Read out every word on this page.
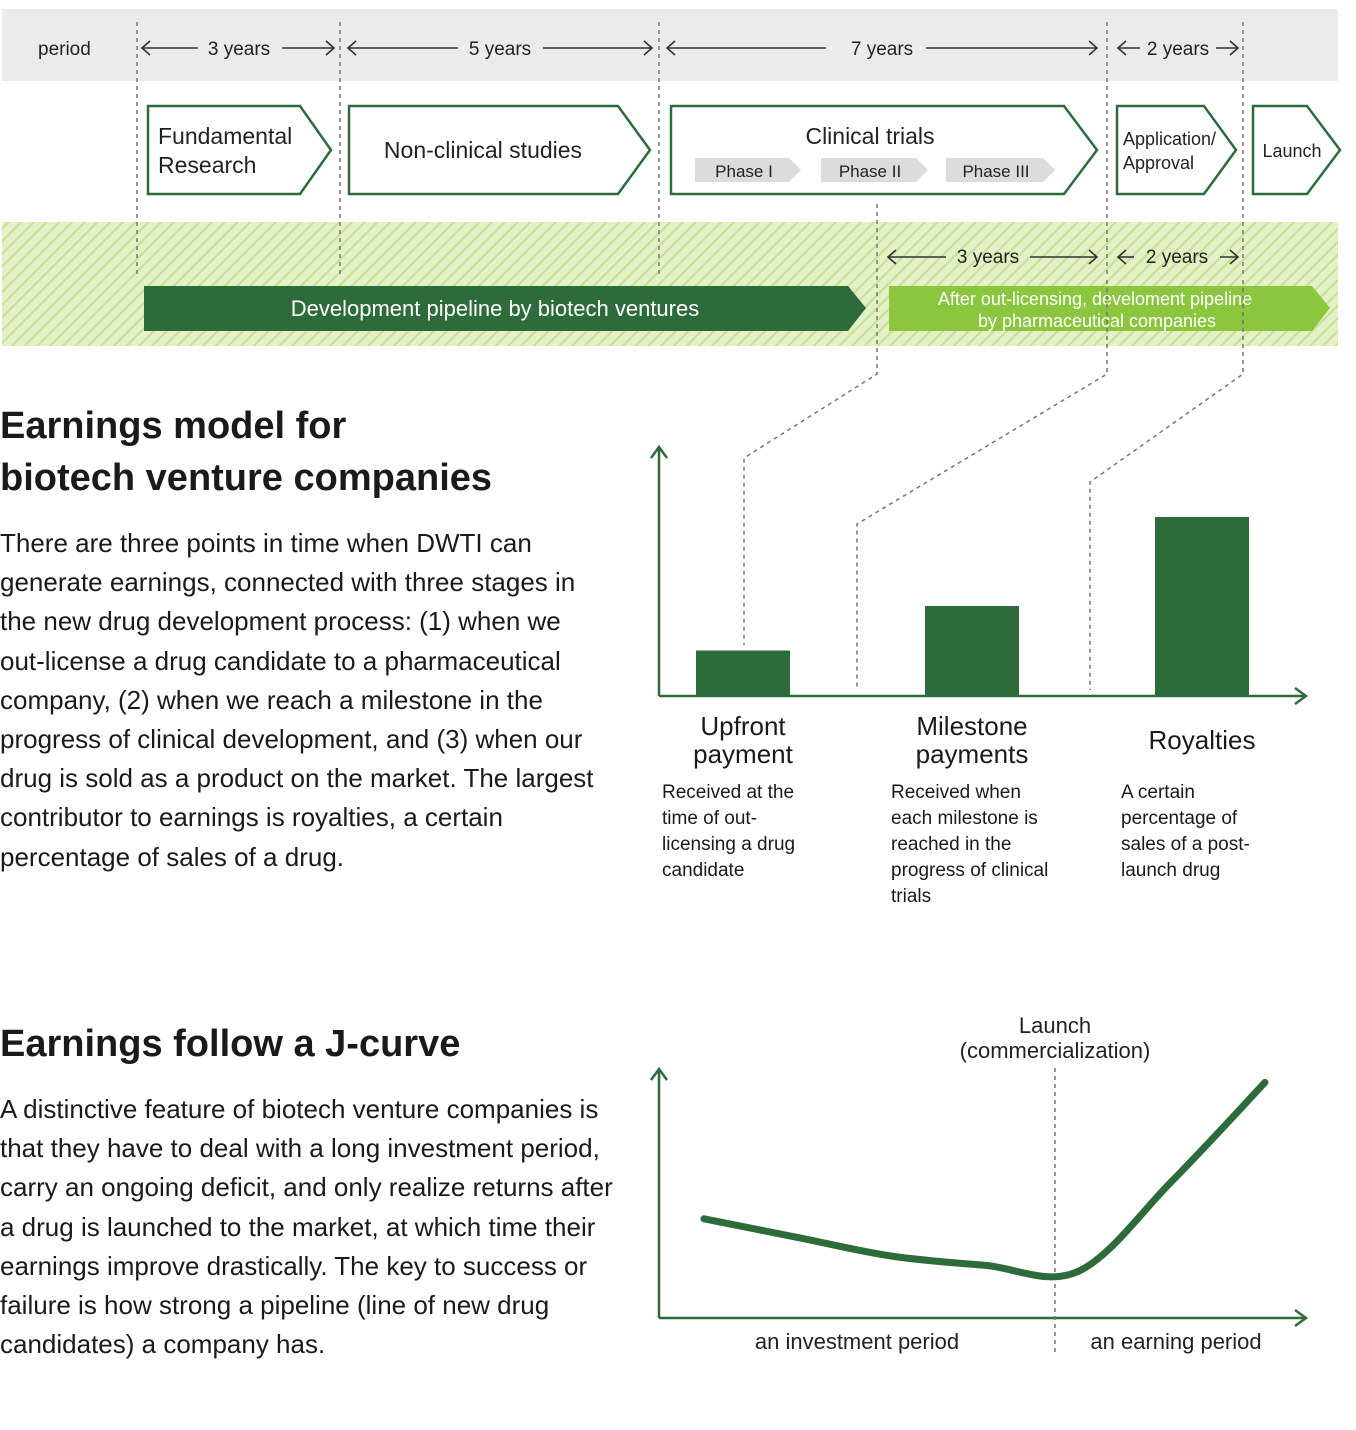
period	3 years	5 years	7 years	2 years
Fundamental
Research
Non-clinical studies
Clinical trials	Application/
Approval
Launch
Phase I	Phase II	Phase III
3 years	2 years
Development pipeline by biotech ventures	After out-licensing, develoment pipeline
by pharmaceutical companies
Launch
(commercialization)
an investment period	an earning period
Earnings model for
biotech venture companies

There are three points in time when DWTI can generate earnings, connected with three stages in the new drug development process: (1) when we out-license a drug candidate to a pharmaceutical company, (2) when we reach a milestone in the progress of clinical development, and (3) when our drug is sold as a product on the market. The largest contributor to earnings is royalties, a certain percentage of sales of a drug.

Upfront
payment
Milestone
payments	Royalties
Received at the time of out-licensing a drug candidate
Received when each milestone is reached in the progress of clinical trials
A certain percentage of sales of a post-launch drug
Earnings follow a J-curve

A distinctive feature of biotech venture companies is that they have to deal with a long investment period, carry an ongoing deficit, and only realize returns after a drug is launched to the market, at which time their earnings improve drastically. The key to success or failure is how strong a pipeline (line of new drug candidates) a company has.
